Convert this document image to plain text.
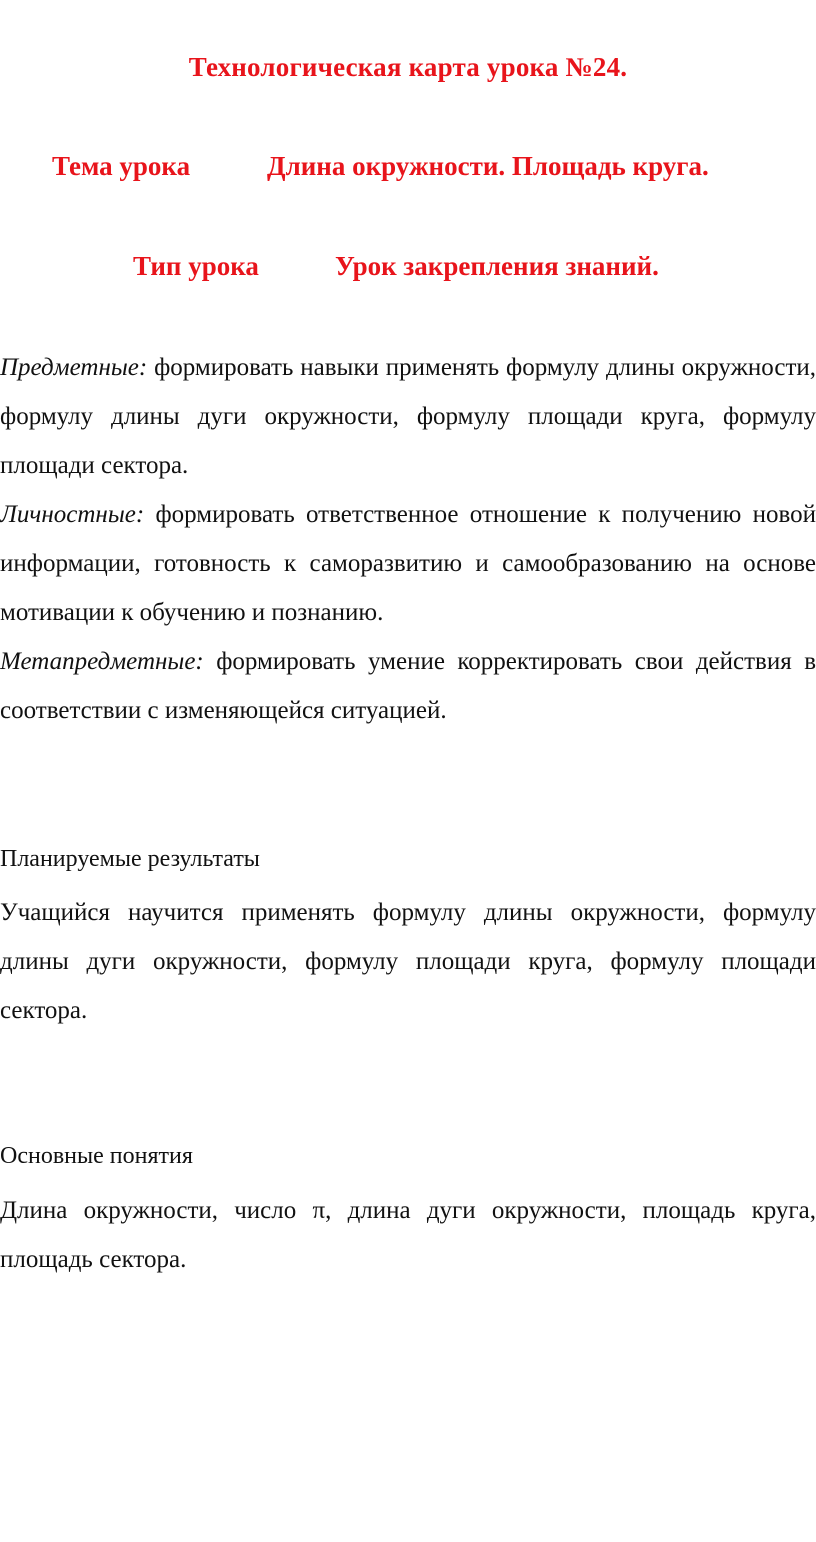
Технологическая карта урока №24.
Тема урока	Длина окружности. Площадь круга.
Тип урока	Урок закрепления знаний.

Предметные: формировать навыки применять формулу длины окружности, формулу длины дуги окружности, формулу площади круга, формулу площади сектора.

Личностные: формировать ответственное отношение к получению новой информации, готовность к саморазвитию и самообразованию на основе мотивации к обучению и познанию.

Метапредметные: формировать умение корректировать свои действия в соответствии с изменяющейся ситуацией.

Планируемые результаты

Учащийся научится применять формулу длины окружности, формулу длины дуги окружности, формулу площади круга, формулу площади сектора.

Основные понятия

Длина окружности, число π, длина дуги окружности, площадь круга, площадь сектора.
